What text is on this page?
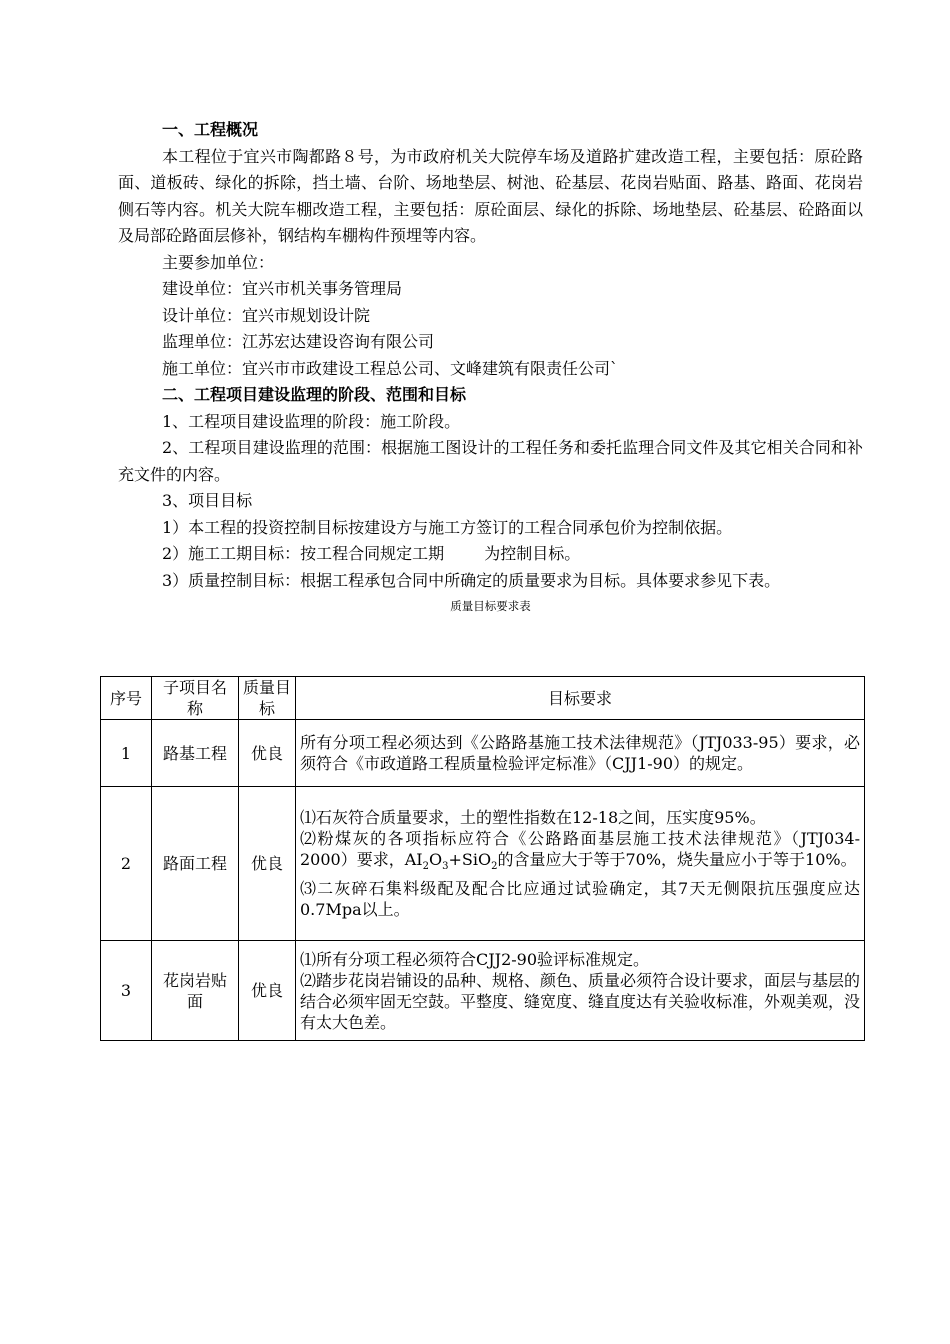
一、工程概况

本工程位于宜兴市陶都路８号，为市政府机关大院停车场及道路扩建改造工程，主要包括：原砼路面、道板砖、绿化的拆除，挡土墙、台阶、场地垫层、树池、砼基层、花岗岩贴面、路基、路面、花岗岩侧石等内容。机关大院车棚改造工程，主要包括：原砼面层、绿化的拆除、场地垫层、砼基层、砼路面以及局部砼路面层修补，钢结构车棚构件预埋等内容。

主要参加单位：

建设单位：宜兴市机关事务管理局

设计单位：宜兴市规划设计院

监理单位：江苏宏达建设咨询有限公司

施工单位：宜兴市市政建设工程总公司、文峰建筑有限责任公司`

二、工程项目建设监理的阶段、范围和目标

1、工程项目建设监理的阶段：施工阶段。

2、工程项目建设监理的范围：根据施工图设计的工程任务和委托监理合同文件及其它相关合同和补充文件的内容。

3、项目目标

1）本工程的投资控制目标按建设方与施工方签订的工程合同承包价为控制依据。

2）施工工期目标：按工程合同规定工期	为控制目标。

3）质量控制目标：根据工程承包合同中所确定的质量要求为目标。具体要求参见下表。

质量目标要求表

序号	子项目名称	质量目标	目标要求
1	路基工程	优良	所有分项工程必须达到《公路路基施工技术法律规范》（JTJ033-95）要求，必须符合《市政道路工程质量检验评定标准》（CJJ1-90）的规定。
2	路面工程	优良	⑴石灰符合质量要求，土的塑性指数在12-18之间，压实度95%。
⑵粉煤灰的各项指标应符合《公路路面基层施工技术法律规范》（JTJ034-2000）要求，$AI_2O_3+SiO_2$的含量应大于等于70%，烧失量应小于等于10%。
⑶二灰碎石集料级配及配合比应通过试验确定，其7天无侧限抗压强度应达0.7Mpa以上。

3	花岗岩贴面	优良	⑴所有分项工程必须符合CJJ2-90验评标准规定。
⑵踏步花岗岩铺设的品种、规格、颜色、质量必须符合设计要求，面层与基层的结合必须牢固无空鼓。平整度、缝宽度、缝直度达有关验收标准，外观美观，没有太大色差。
